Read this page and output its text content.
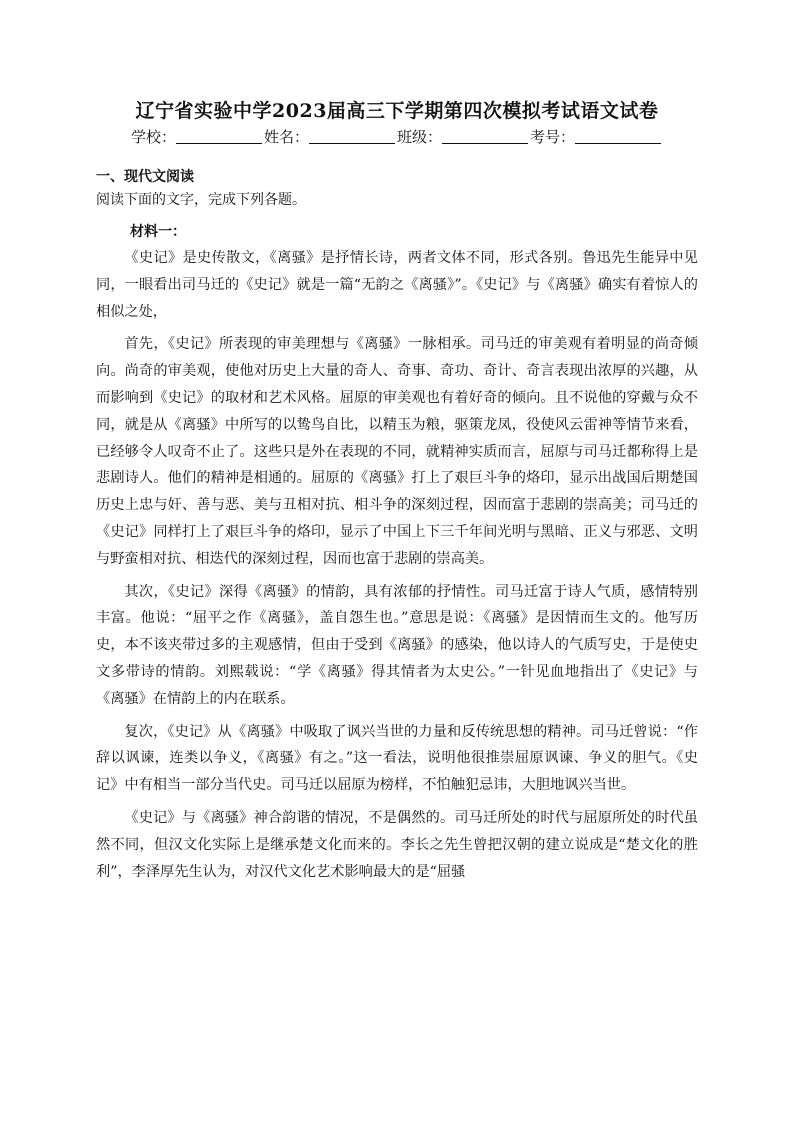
辽宁省实验中学2023届高三下学期第四次模拟考试语文试卷
学校：	姓名：	班级：	考号：
一、现代文阅读
阅读下面的文字，完成下列各题。
材料一：

《史记》是史传散文，《离骚》是抒情长诗，两者文体不同，形式各别。鲁迅先生能异中见同，一眼看出司马迁的《史记》就是一篇“无韵之《离骚》”。《史记》与《离骚》确实有着惊人的相似之处，

首先，《史记》所表现的审美理想与《离骚》一脉相承。司马迁的审美观有着明显的尚奇倾向。尚奇的审美观，使他对历史上大量的奇人、奇事、奇功、奇计、奇言表现出浓厚的兴趣，从而影响到《史记》的取材和艺术风格。屈原的审美观也有着好奇的倾向。且不说他的穿戴与众不同，就是从《离骚》中所写的以鸷鸟自比，以精玉为粮，驱策龙凤，役使风云雷神等情节来看，已经够令人叹奇不止了。这些只是外在表现的不同，就精神实质而言，屈原与司马迁都称得上是悲剧诗人。他们的精神是相通的。屈原的《离骚》打上了艰巨斗争的烙印，显示出战国后期楚国历史上忠与奸、善与恶、美与丑相对抗、相斗争的深刻过程，因而富于悲剧的崇高美；司马迁的《史记》同样打上了艰巨斗争的烙印，显示了中国上下三千年间光明与黑暗、正义与邪恶、文明与野蛮相对抗、相迭代的深刻过程，因而也富于悲剧的崇高美。

其次，《史记》深得《离骚》的情韵，具有浓郁的抒情性。司马迁富于诗人气质，感情特别丰富。他说：“屈平之作《离骚》，盖自怨生也。”意思是说：《离骚》是因情而生文的。他写历史，本不该夹带过多的主观感情，但由于受到《离骚》的感染，他以诗人的气质写史，于是使史文多带诗的情韵。刘熙载说：“学《离骚》得其情者为太史公。”一针见血地指出了《史记》与《离骚》在情韵上的内在联系。

复次，《史记》从《离骚》中吸取了讽兴当世的力量和反传统思想的精神。司马迁曾说：“作辞以讽谏，连类以争义，《离骚》有之。”这一看法，说明他很推崇屈原讽谏、争义的胆气。《史记》中有相当一部分当代史。司马迁以屈原为榜样，不怕触犯忌讳，大胆地讽兴当世。

《史记》与《离骚》神合韵谐的情况，不是偶然的。司马迁所处的时代与屈原所处的时代虽然不同，但汉文化实际上是继承楚文化而来的。李长之先生曾把汉朝的建立说成是“楚文化的胜利”，李泽厚先生认为，对汉代文化艺术影响最大的是“屈骚
